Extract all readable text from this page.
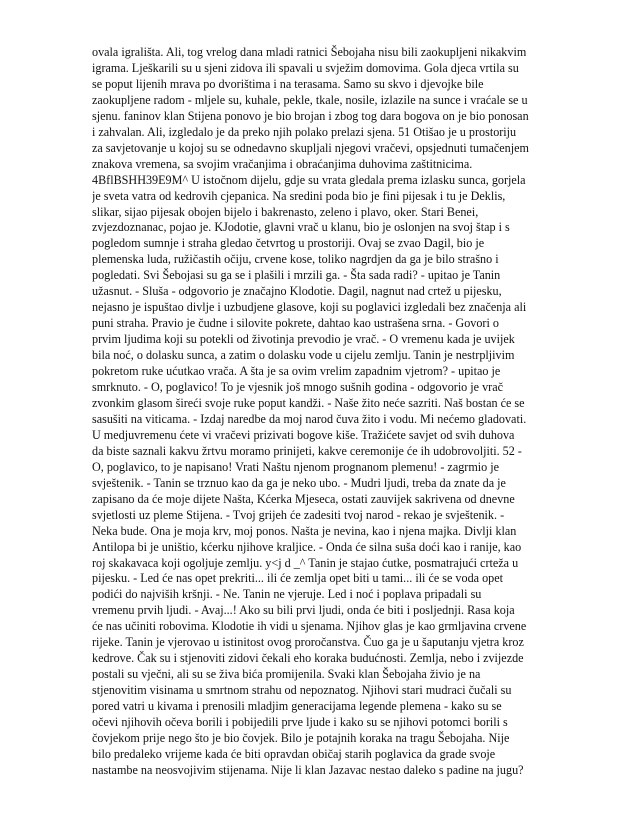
ovala igrališta. Ali, tog vrelog dana mladi ratnici Šebojaha nisu bili zaokupljeni nikakvim
igrama. Lješkarili su u sjeni zidova ili spavali u svježim domovima. Gola djeca vrtila su
se poput lijenih mrava po dvorištima i na terasama. Samo su skvo i djevojke bile
zaokupljene radom - mljele su, kuhale, pekle, tkale, nosile, izlazile na sunce i vraćale se u
sjenu. faninov klan Stijena ponovo je bio brojan i zbog tog dara bogova on je bio ponosan
i zahvalan. Ali, izgledalo je da preko njih polako prelazi sjena. 51 Otišao je u prostoriju
za savjetovanje u kojoj su se odnedavno skupljali njegovi vračevi, opsjednuti tumačenjem
znakova vremena, sa svojim vračanjima i obraćanjima duhovima zaštitnicima.
4BflBSHH39E9M^ U istočnom dijelu, gdje su vrata gledala prema izlasku sunca, gorjela
je sveta vatra od kedrovih cjepanica. Na sredini poda bio je fini pijesak i tu je Deklis,
slikar, sijao pijesak obojen bijelo i bakrenasto, zeleno i plavo, oker. Stari Benei,
zvjezdoznanac, pojao je. KJodotie, glavni vrač u klanu, bio je oslonjen na svoj štap i s
pogledom sumnje i straha gledao četvrtog u prostoriji. Ovaj se zvao Dagil, bio je
plemenska luda, ružičastih očiju, crvene kose, toliko nagrdjen da ga je bilo strašno i
pogledati. Svi Šebojasi su ga se i plašili i mrzili ga. - Šta sada radi? - upitao je Tanin
užasnut. - Sluša - odgovorio je značajno Klodotie. Dagil, nagnut nad crtež u pijesku,
nejasno je ispuštao divlje i uzbudjene glasove, koji su poglavici izgledali bez značenja ali
puni straha. Pravio je čudne i silovite pokrete, dahtao kao ustrašena srna. - Govori o
prvim ljudima koji su potekli od životinja prevodio je vrač. - O vremenu kada je uvijek
bila noć, o dolasku sunca, a zatim o dolasku vode u cijelu zemlju. Tanin je nestrpljivim
pokretom ruke ućutkao vrača. A šta je sa ovim vrelim zapadnim vjetrom? - upitao je
smrknuto. - O, poglavico! To je vjesnik još mnogo sušnih godina - odgovorio je vrač
zvonkim glasom šireći svoje ruke poput kandži. - Naše žito neće sazriti. Naš bostan će se
sasušiti na viticama. - Izdaj naredbe da moj narod čuva žito i vodu. Mi nećemo gladovati.
U medjuvremenu ćete vi vračevi prizivati bogove kiše. Tražićete savjet od svih duhova
da biste saznali kakvu žrtvu moramo prinijeti, kakve ceremonije će ih udobrovoljiti. 52 -
O, poglavico, to je napisano! Vrati Naštu njenom prognanom plemenu! - zagrmio je
svještenik. - Tanin se trznuo kao da ga je neko ubo. - Mudri ljudi, treba da znate da je
zapisano da će moje dijete Našta, Kćerka Mjeseca, ostati zauvijek sakrivena od dnevne
svjetlosti uz pleme Stijena. - Tvoj grijeh će zadesiti tvoj narod - rekao je svještenik. -
Neka bude. Ona je moja krv, moj ponos. Našta je nevina, kao i njena majka. Divlji klan
Antilopa bi je uništio, kćerku njihove kraljice. - Onda će silna suša doći kao i ranije, kao
roj skakavaca koji ogoljuje zemlju. y<j d _^ Tanin je stajao ćutke, posmatrajući crteža u
pijesku. - Led će nas opet prekriti... ili će zemlja opet biti u tami... ili će se voda opet
podići do najviših kršnji. - Ne. Tanin ne vjeruje. Led i noć i poplava pripadali su
vremenu prvih ljudi. - Avaj...! Ako su bili prvi ljudi, onda će biti i posljednji. Rasa koja
će nas učiniti robovima. Klodotie ih vidi u sjenama. Njihov glas je kao grmljavina crvene
rijeke. Tanin je vjerovao u istinitost ovog proročanstva. Čuo ga je u šaputanju vjetra kroz
kedrove. Čak su i stjenoviti zidovi čekali eho koraka budućnosti. Zemlja, nebo i zvijezde
postali su vječni, ali su se živa bića promijenila. Svaki klan Šebojaha živio je na
stjenovitim visinama u smrtnom strahu od nepoznatog. Njihovi stari mudraci čučali su
pored vatri u kivama i prenosili mladjim generacijama legende plemena - kako su se
očevi njihovih očeva borili i pobijedili prve ljude i kako su se njihovi potomci borili s
čovjekom prije nego što je bio čovjek. Bilo je potajnih koraka na tragu Šebojaha. Nije
bilo predaleko vrijeme kada će biti opravdan običaj starih poglavica da grade svoje
nastambe na neosvojivim stijenama. Nije li klan Jazavac nestao daleko s padine na jugu?
